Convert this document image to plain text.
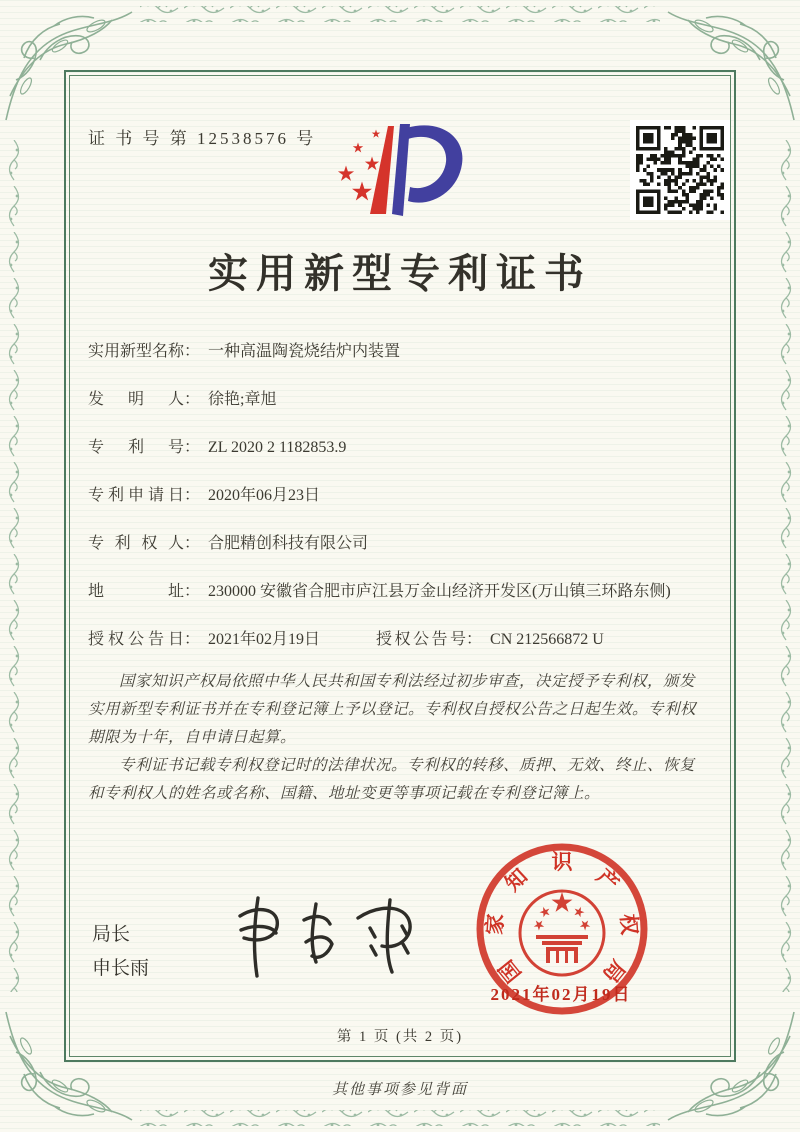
证 书 号 第 12538576 号
实用新型专利证书
实用新型名称 ： 一种高温陶瓷烧结炉内装置
发明人 ： 徐艳;章旭
专利号 ： ZL 2020 2 1182853.9
专利申请日 ： 2020年06月23日
专利权人 ： 合肥精创科技有限公司
地址 ： 230000 安徽省合肥市庐江县万金山经济开发区(万山镇三环路东侧)
授权公告日 ： 2021年02月19日	授权公告号 ： CN 212566872 U

国家知识产权局依照中华人民共和国专利法经过初步审查，决定授予专利权，颁发实用新型专利证书并在专利登记簿上予以登记。专利权自授权公告之日起生效。专利权期限为十年，自申请日起算。

专利证书记载专利权登记时的法律状况。专利权的转移、质押、无效、终止、恢复和专利权人的姓名或名称、国籍、地址变更等事项记载在专利登记簿上。

局长
申长雨	国
家
知
识
产
权
局
2021年02月19日
第 1 页 (共 2 页)
其他事项参见背面
